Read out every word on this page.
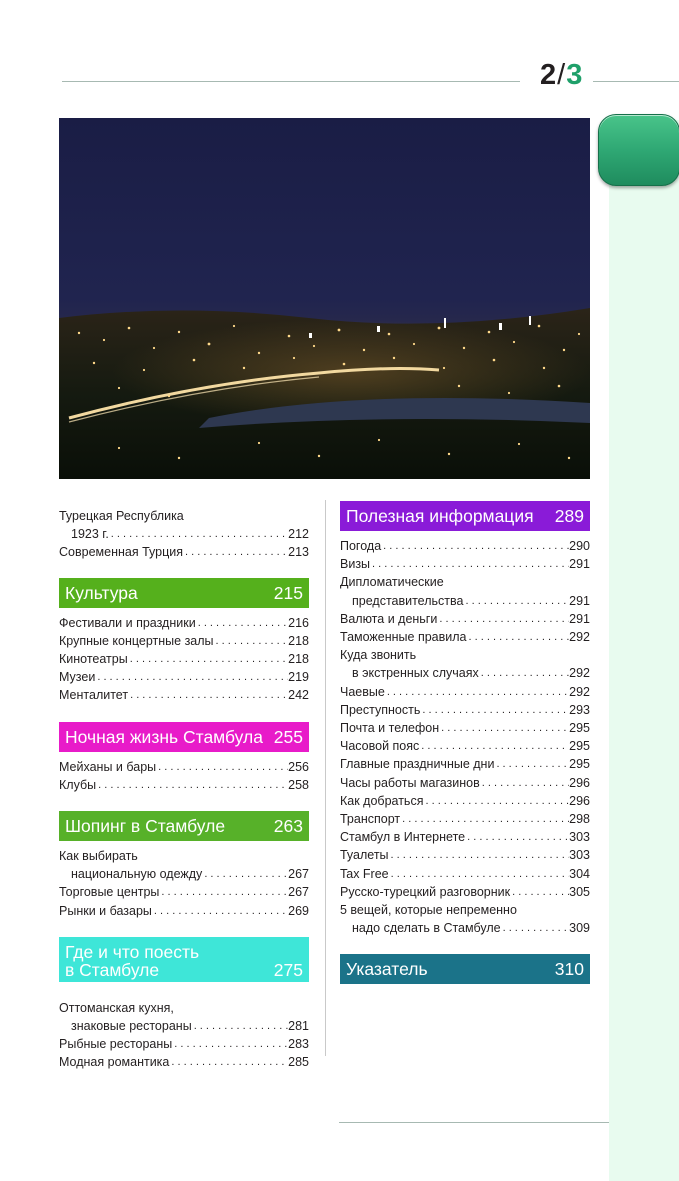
2/3
Турецкая Республика
1923 г. . . .	212
Современная Турция . . .	213
Культура	215
Фестивали и праздники . . .	216
Крупные концертные залы . . .	218
Кинотеатры . . .	218
Музеи . . .	219
Менталитет . . .	242
Ночная жизнь Стамбула 255
Мейханы и бары . . .	256
Клубы . . .	258
Шопинг в Стамбуле	263
Как выбирать
национальную одежду . . .	267
Торговые центры . . .	267
Рынки и базары . . .	269
Где и что поесть
в Стамбуле	275
Оттоманская кухня,
знаковые рестораны . . .	281
Рыбные рестораны . . .	283
Модная романтика . . .	285
Полезная информация 289
Погода . . .	290
Визы . . .	291
Дипломатические
представительства . . .	291
Валюта и деньги . . .	291
Таможенные правила . . .	292
Куда звонить
в экстренных случаях . . .	292
Чаевые . . .	292
Преступность . . .	293
Почта и телефон . . .	295
Часовой пояс . . .	295
Главные праздничные дни . . .	295
Часы работы магазинов . . .	296
Как добраться . . .	296
Транспорт . . .	298
Стамбул в Интернете . . .	303
Туалеты . . .	303
Tax Free . . .	304
Русско-турецкий разговорник . . .	305
5 вещей, которые непременно
надо сделать в Стамбуле . . .	309
Указатель	310
